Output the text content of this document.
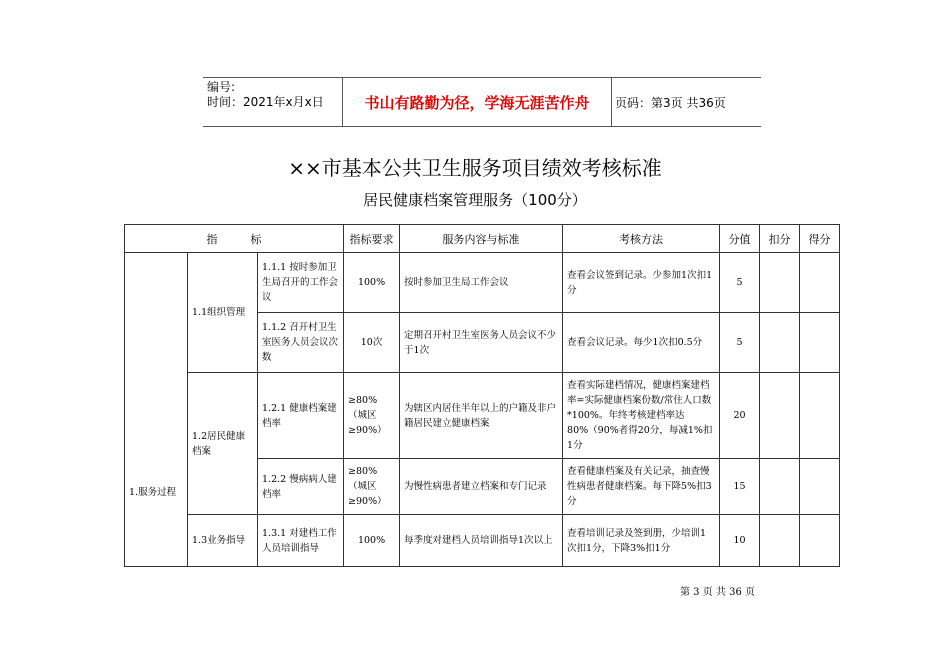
编号:
时间：2021年x月x日	书山有路勤为径，学海无涯苦作舟 页码：第3页 共36页
××市基本公共卫生服务项目绩效考核标准
居民健康档案管理服务（100分）
指　　　标			指标要求	服务内容与标准	考核方法	分值	扣分	得分
1.服务过程	1.1组织管理	1.1.1 按时参加卫生局召开的工作会议	100%	按时参加卫生局工作会议	查看会议签到记录。少参加1次扣1分	5		
		1.1.2 召开村卫生室医务人员会议次数	10次	定期召开村卫生室医务人员会议不少于1次	查看会议记录。每少1次扣0.5分	5		
	1.2居民健康档案	1.2.1 健康档案建档率	≥80%（城区≥90%）	为辖区内居住半年以上的户籍及非户籍居民建立健康档案	查看实际建档情况，健康档案建档率=实际健康档案份数/常住人口数*100%。年终考核建档率达80%（90%者得20分，每减1%扣1分	20		
		1.2.2 慢病病人建档率	≥80%（城区≥90%）	为慢性病患者建立档案和专门记录	查看健康档案及有关记录，抽查慢性病患者健康档案。每下降5%扣3分	15		
	1.3业务指导	1.3.1 对建档工作人员培训指导	100%	每季度对建档人员培训指导1次以上	查看培训记录及签到册，少培训1次扣1分，下降3%扣1分	10		
第 3 页 共 36 页
